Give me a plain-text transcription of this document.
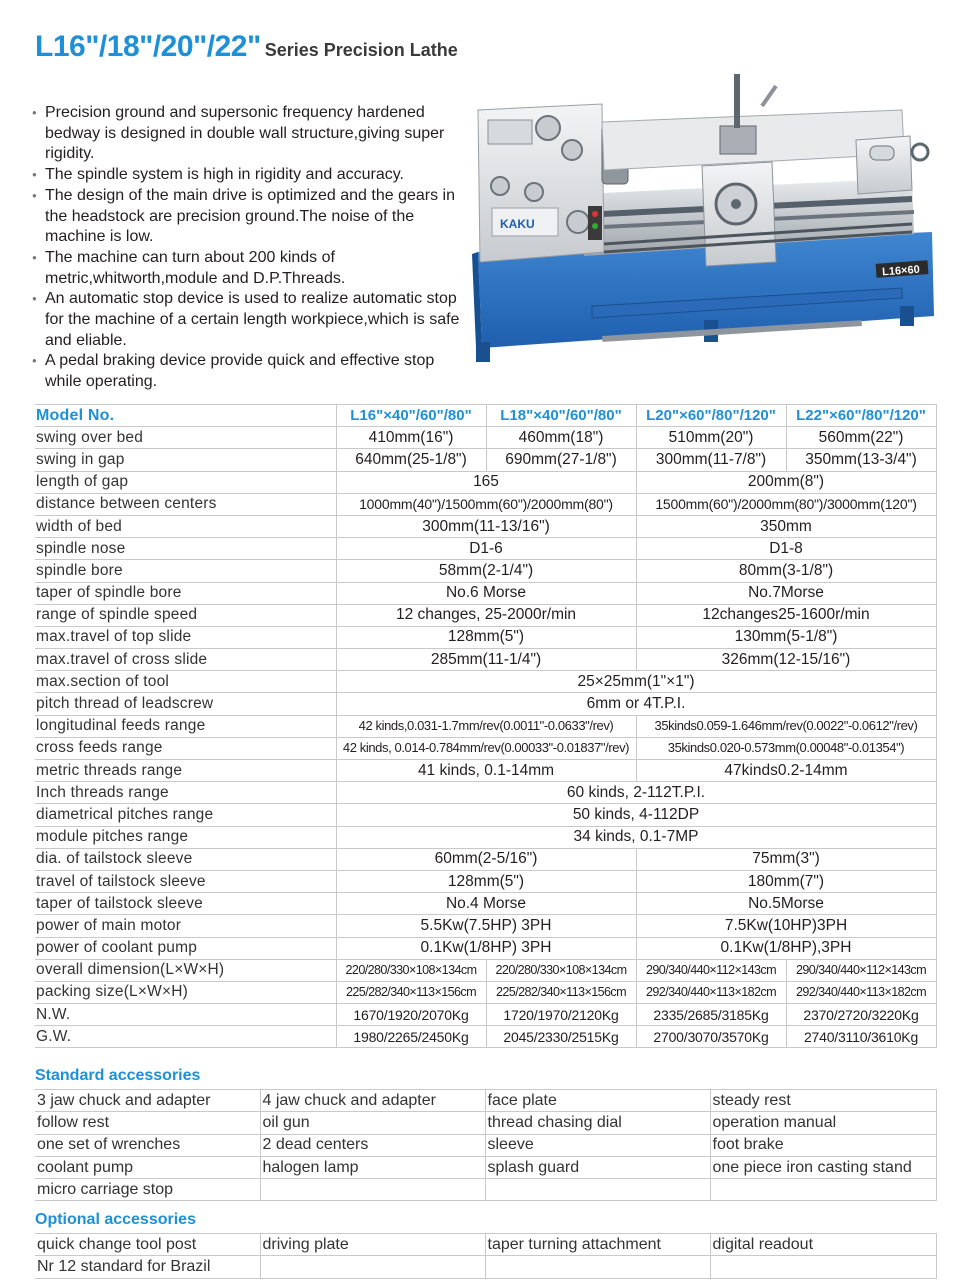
L16"/18"/20"/22" Series Precision Lathe
● Precision ground and supersonic frequency hardened bedway is designed in double wall structure,giving super rigidity.
● The spindle system is high in rigidity and accuracy.
● The design of the main drive is optimized and the gears in the headstock are precision ground.The noise of the machine is low.
● The machine can turn about 200 kinds of metric,whitworth,module and D.P.Threads.
● An automatic stop device is used to realize automatic stop for the machine of a certain length workpiece,which is safe and eliable.
● A pedal braking device provide quick and effective stop while operating.
KAKU
L16×60
Model No.	L16"×40"/60"/80"	L18"×40"/60"/80"	L20"×60"/80"/120"	L22"×60"/80"/120"
swing over bed	410mm(16")	460mm(18")	510mm(20")	560mm(22")
swing in gap	640mm(25-1/8")	690mm(27-1/8")	300mm(11-7/8")	350mm(13-3/4")
length of gap	165		200mm(8")	
distance between centers	1000mm(40")/1500mm(60")/2000mm(80")		1500mm(60")/2000mm(80")/3000mm(120")	
width of bed	300mm(11-13/16")		350mm	
spindle nose	D1-6		D1-8	
spindle bore	58mm(2-1/4")		80mm(3-1/8")	
taper of spindle bore	No.6 Morse		No.7Morse	
range of spindle speed	12 changes, 25-2000r/min		12changes25-1600r/min	
max.travel of top slide	128mm(5")		130mm(5-1/8")	
max.travel of cross slide	285mm(11-1/4")		326mm(12-15/16")	
max.section of tool	25×25mm(1"×1")			
pitch thread of leadscrew	6mm or 4T.P.I.			
longitudinal feeds range	42 kinds,0.031-1.7mm/rev(0.0011"-0.0633"/rev)		35kinds0.059-1.646mm/rev(0.0022"-0.0612"/rev)	
cross feeds range	42 kinds, 0.014-0.784mm/rev(0.00033"-0.01837"/rev)		35kinds0.020-0.573mm(0.00048"-0.01354")	
metric threads range	41 kinds, 0.1-14mm		47kinds0.2-14mm	
Inch threads range	60 kinds, 2-112T.P.I.			
diametrical pitches range	50 kinds, 4-112DP			
module pitches range	34 kinds, 0.1-7MP			
dia. of tailstock sleeve	60mm(2-5/16")		75mm(3")	
travel of tailstock sleeve	128mm(5")		180mm(7")	
taper of tailstock sleeve	No.4 Morse		No.5Morse	
power of main motor	5.5Kw(7.5HP) 3PH		7.5Kw(10HP)3PH	
power of coolant pump	0.1Kw(1/8HP) 3PH		0.1Kw(1/8HP),3PH	
overall dimension(L×W×H)	220/280/330×108×134cm	220/280/330×108×134cm	290/340/440×112×143cm	290/340/440×112×143cm
packing size(L×W×H)	225/282/340×113×156cm	225/282/340×113×156cm	292/340/440×113×182cm	292/340/440×113×182cm
N.W.	1670/1920/2070Kg	1720/1970/2120Kg	2335/2685/3185Kg	2370/2720/3220Kg
G.W.	1980/2265/2450Kg	2045/2330/2515Kg	2700/3070/3570Kg	2740/3110/3610Kg
Standard accessories
3 jaw chuck and adapter	4 jaw chuck and adapter	face plate	steady rest
follow rest	oil gun	thread chasing dial	operation manual
one set of wrenches	2 dead centers	sleeve	foot brake
coolant pump	halogen lamp	splash guard	one piece iron casting stand
micro carriage stop			
Optional accessories
quick change tool post	driving plate	taper turning attachment	digital readout
Nr 12 standard for Brazil			
